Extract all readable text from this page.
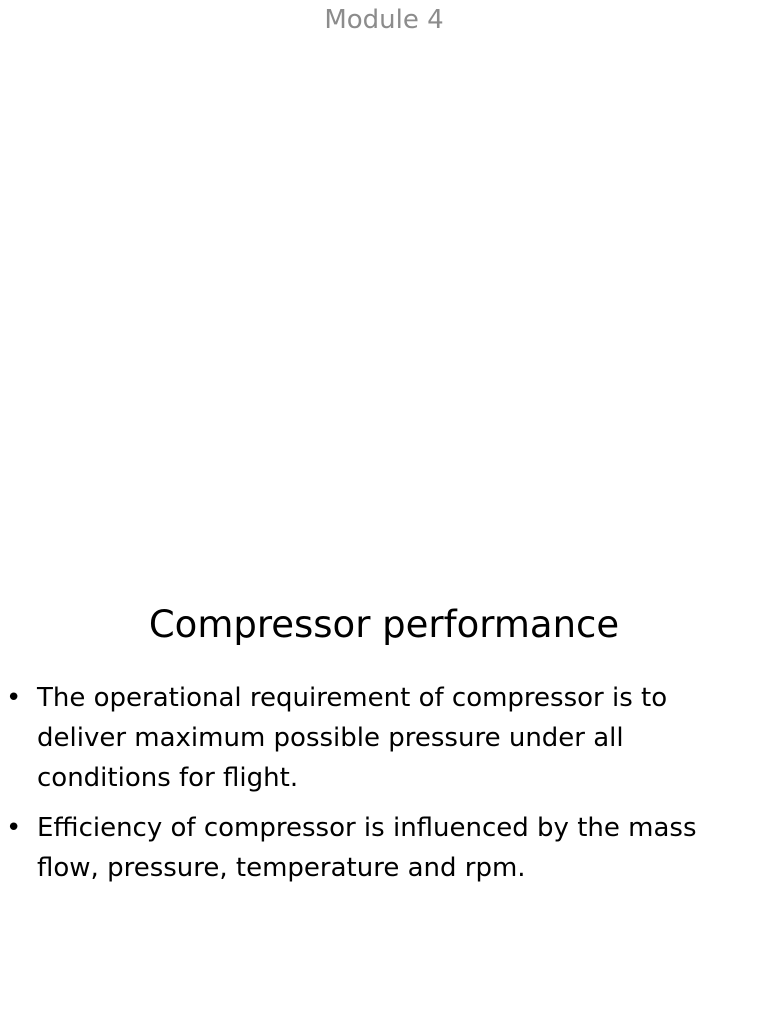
Module 4
Compressor performance
• The operational requirement of compressor is to deliver maximum possible pressure under all conditions for flight.
• Efficiency of compressor is influenced by the mass flow, pressure, temperature and rpm.
